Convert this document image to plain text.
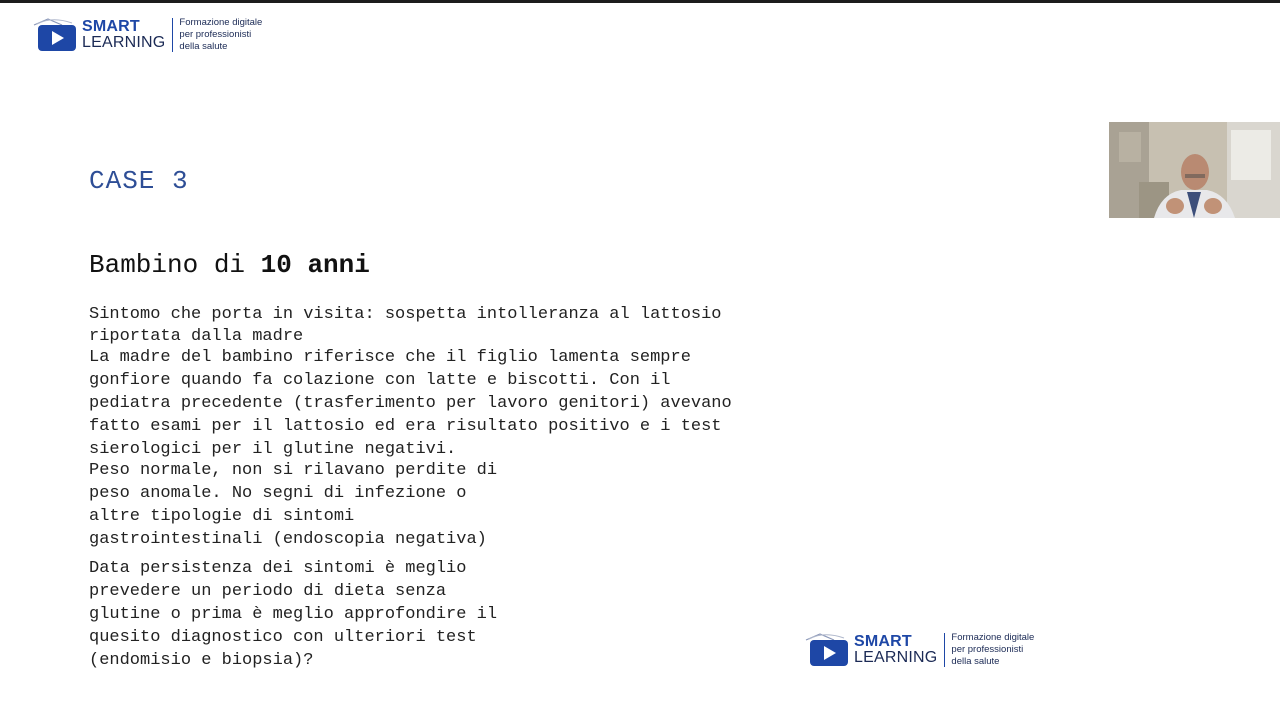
SMART
LEARNING
Formazione digitale
per professionisti
della salute
CASE 3
Bambino di 10 anni
Sintomo che porta in visita: sospetta intolleranza al lattosio
riportata dalla madre
La madre del bambino riferisce che il figlio lamenta sempre
gonfiore quando fa colazione con latte e biscotti. Con il
pediatra precedente (trasferimento per lavoro genitori) avevano
fatto esami per il lattosio ed era risultato positivo e i test
sierologici per il glutine negativi.
Peso normale, non si rilavano perdite di
peso anomale. No segni di infezione o
altre tipologie di sintomi
gastrointestinali (endoscopia negativa)
Data persistenza dei sintomi è meglio
prevedere un periodo di dieta senza
glutine o prima è meglio approfondire il
quesito diagnostico con ulteriori test
(endomisio e biopsia)?
SMART
LEARNING
Formazione digitale
per professionisti
della salute
